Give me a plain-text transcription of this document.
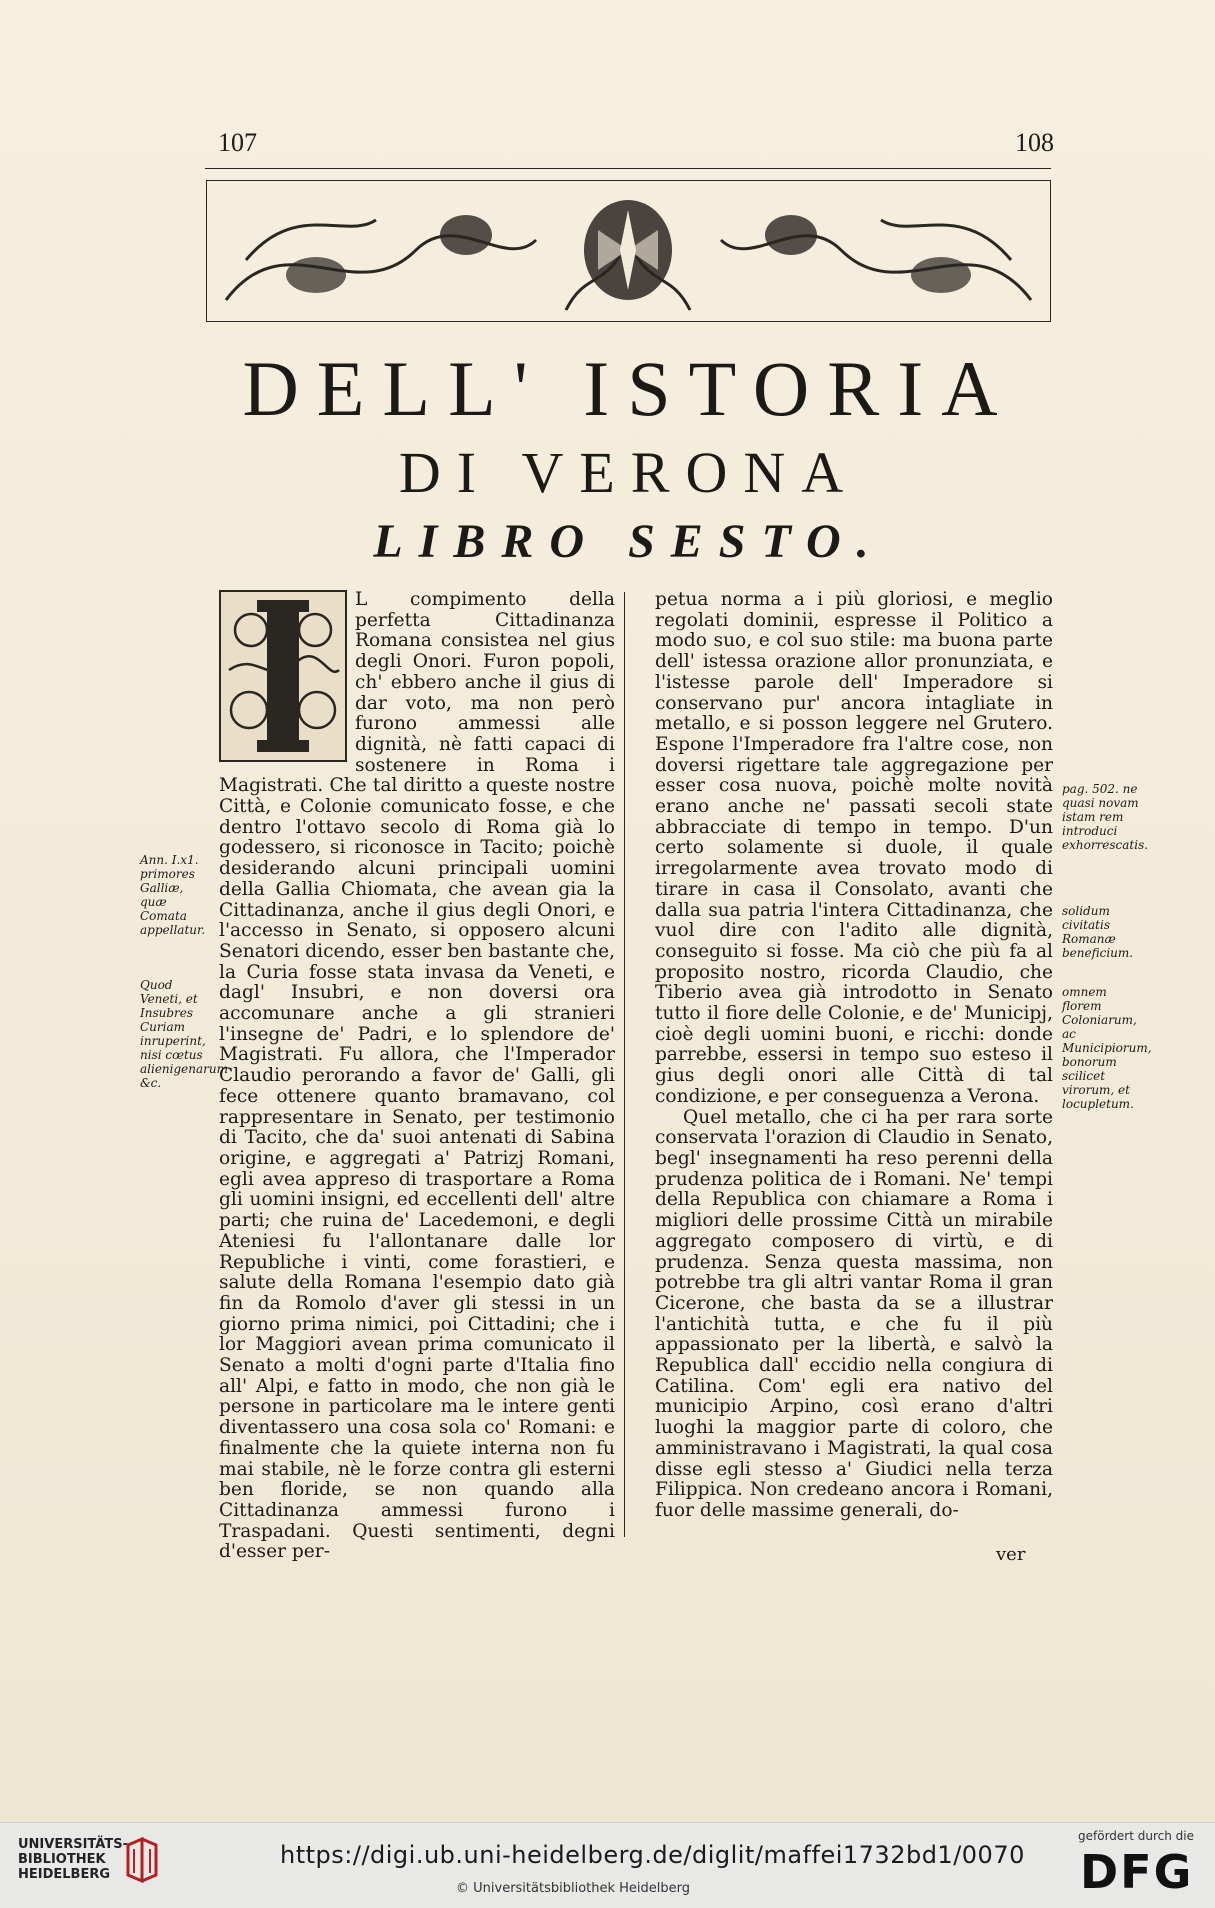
107	108
DELL' ISTORIA
DI VERONA
LIBRO SESTO.

L compimento della perfetta Cittadinanza Romana consistea nel gius degli Onori. Furon popoli, ch' ebbero anche il gius di dar voto, ma non però furono ammessi alle dignità, nè fatti capaci di sostenere in Roma i Magistrati. Che tal diritto a queste nostre Città, e Colonie comunicato fosse, e che dentro l'ottavo secolo di Roma già lo godessero, si riconosce in Tacito; poichè desiderando alcuni principali uomini della Gallia Chiomata, che avean gia la Cittadinanza, anche il gius degli Onori, e l'accesso in Senato, si opposero alcuni Senatori dicendo, esser ben bastante che, la Curia fosse stata invasa da Veneti, e dagl' Insubri, e non doversi ora accomunare anche a gli stranieri l'insegne de' Padri, e lo splendore de' Magistrati. Fu allora, che l'Imperador Claudio perorando a favor de' Galli, gli fece ottenere quanto bramavano, col rappresentare in Senato, per testimonio di Tacito, che da' suoi antenati di Sabina origine, e aggregati a' Patrizj Romani, egli avea appreso di trasportare a Roma gli uomini insigni, ed eccellenti dell' altre parti; che ruina de' Lacedemoni, e degli Ateniesi fu l'allontanare dalle lor Republiche i vinti, come forastieri, e salute della Romana l'esempio dato già fin da Romolo d'aver gli stessi in un giorno prima nimici, poi Cittadini; che i lor Maggiori avean prima comunicato il Senato a molti d'ogni parte d'Italia fino all' Alpi, e fatto in modo, che non già le persone in particolare ma le intere genti diventassero una cosa sola co' Romani: e finalmente che la quiete interna non fu mai stabile, nè le forze contra gli esterni ben floride, se non quando alla Cittadinanza ammessi furono i Traspadani. Questi sentimenti, degni d'esser per-

petua norma a i più gloriosi, e meglio regolati dominii, espresse il Politico a modo suo, e col suo stile: ma buona parte dell' istessa orazione allor pronunziata, e l'istesse parole dell' Imperadore si conservano pur' ancora intagliate in metallo, e si posson leggere nel Grutero. Espone l'Imperadore fra l'altre cose, non doversi rigettare tale aggregazione per esser cosa nuova, poichè molte novità erano anche ne' passati secoli state abbracciate di tempo in tempo. D'un certo solamente si duole, il quale irregolarmente avea trovato modo di tirare in casa il Consolato, avanti che dalla sua patria l'intera Cittadinanza, che vuol dire con l'adito alle dignità, conseguito si fosse. Ma ciò che più fa al proposito nostro, ricorda Claudio, che Tiberio avea già introdotto in Senato tutto il fiore delle Colonie, e de' Municipj, cioè degli uomini buoni, e ricchi: donde parrebbe, essersi in tempo suo esteso il gius degli onori alle Città di tal condizione, e per conseguenza a Verona.

Quel metallo, che ci ha per rara sorte conservata l'orazion di Claudio in Senato, begl' insegnamenti ha reso perenni della prudenza politica de i Romani. Ne' tempi della Republica con chiamare a Roma i migliori delle prossime Città un mirabile aggregato composero di virtù, e di prudenza. Senza questa massima, non potrebbe tra gli altri vantar Roma il gran Cicerone, che basta da se a illustrar l'antichità tutta, e che fu il più appassionato per la libertà, e salvò la Republica dall' eccidio nella congiura di Catilina. Com' egli era nativo del municipio Arpino, così erano d'altri luoghi la maggior parte di coloro, che amministravano i Magistrati, la qual cosa disse egli stesso a' Giudici nella terza Filippica. Non credeano ancora i Romani, fuor delle massime generali, do-

ver
Ann. I.x1. primores Galliæ, quæ Comata appellatur.
Quod Veneti, et Insubres Curiam inruperint, nisi cœtus alienigenarum &c.
pag. 502. ne quasi novam istam rem introduci exhorrescatis.
solidum civitatis Romanæ beneficium.
omnem florem Coloniarum, ac Municipiorum, bonorum scilicet virorum, et locupletum.
UNIVERSITÄTS-
BIBLIOTHEK
HEIDELBERG
https://digi.ub.uni-heidelberg.de/diglit/maffei1732bd1/0070
© Universitätsbibliothek Heidelberg
gefördert durch die
DFG
